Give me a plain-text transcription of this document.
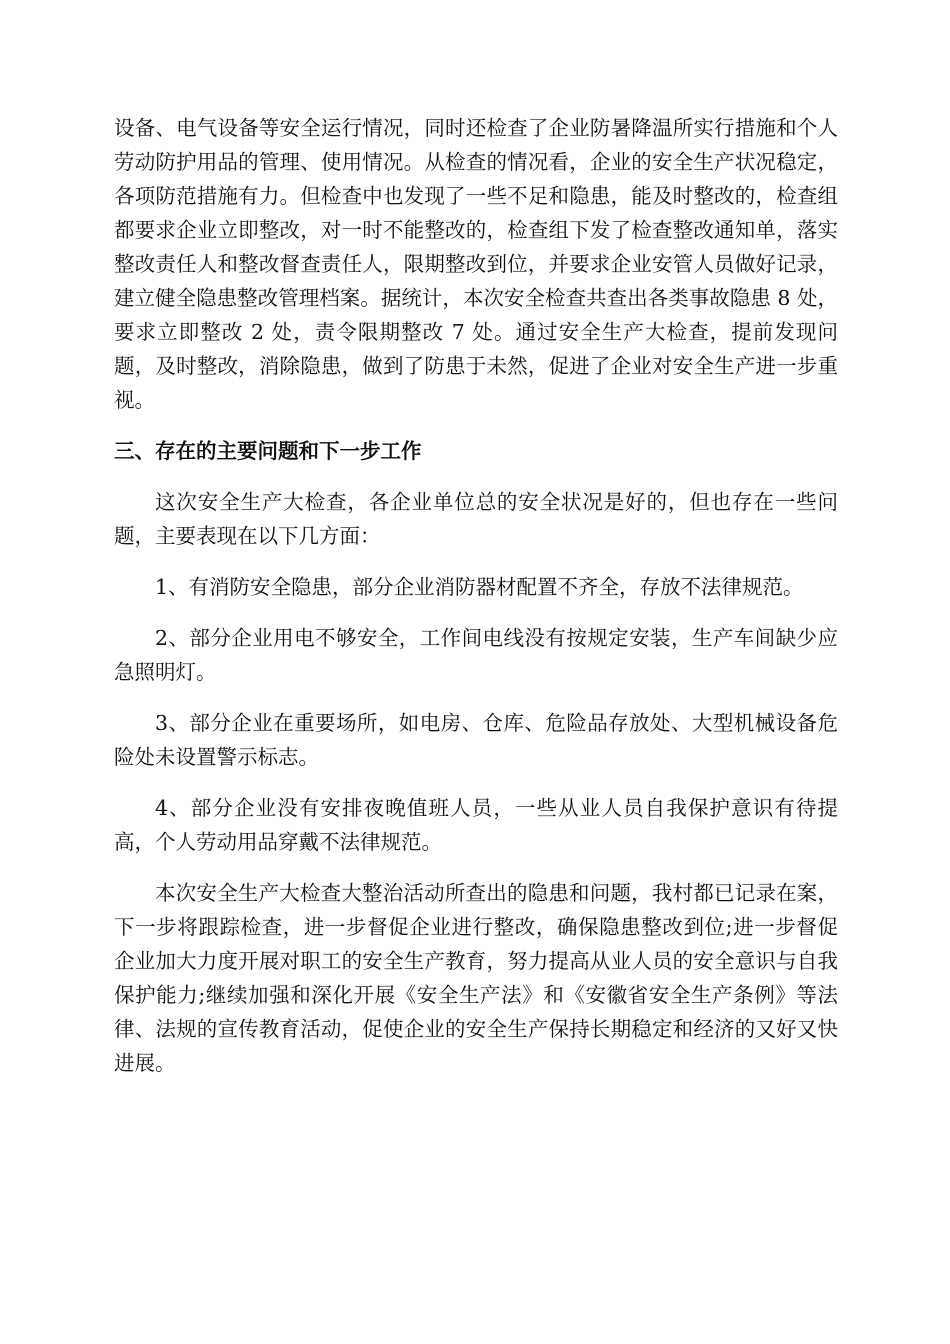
设备、电气设备等安全运行情况，同时还检查了企业防暑降温所实行措施和个人劳动防护用品的管理、使用情况。从检查的情况看，企业的安全生产状况稳定，各项防范措施有力。但检查中也发现了一些不足和隐患，能及时整改的，检查组都要求企业立即整改，对一时不能整改的，检查组下发了检查整改通知单，落实整改责任人和整改督查责任人，限期整改到位，并要求企业安管人员做好记录，建立健全隐患整改管理档案。据统计，本次安全检查共查出各类事故隐患 8 处，要求立即整改 2 处，责令限期整改 7 处。通过安全生产大检查，提前发现问题，及时整改，消除隐患，做到了防患于未然，促进了企业对安全生产进一步重视。

三、存在的主要问题和下一步工作

这次安全生产大检查，各企业单位总的安全状况是好的，但也存在一些问题，主要表现在以下几方面：

1、有消防安全隐患，部分企业消防器材配置不齐全，存放不法律规范。

2、部分企业用电不够安全，工作间电线没有按规定安装，生产车间缺少应急照明灯。

3、部分企业在重要场所，如电房、仓库、危险品存放处、大型机械设备危险处未设置警示标志。

4、部分企业没有安排夜晚值班人员，一些从业人员自我保护意识有待提高，个人劳动用品穿戴不法律规范。

本次安全生产大检查大整治活动所查出的隐患和问题，我村都已记录在案，下一步将跟踪检查，进一步督促企业进行整改，确保隐患整改到位;进一步督促企业加大力度开展对职工的安全生产教育，努力提高从业人员的安全意识与自我保护能力;继续加强和深化开展《安全生产法》和《安徽省安全生产条例》等法律、法规的宣传教育活动，促使企业的安全生产保持长期稳定和经济的又好又快进展。
